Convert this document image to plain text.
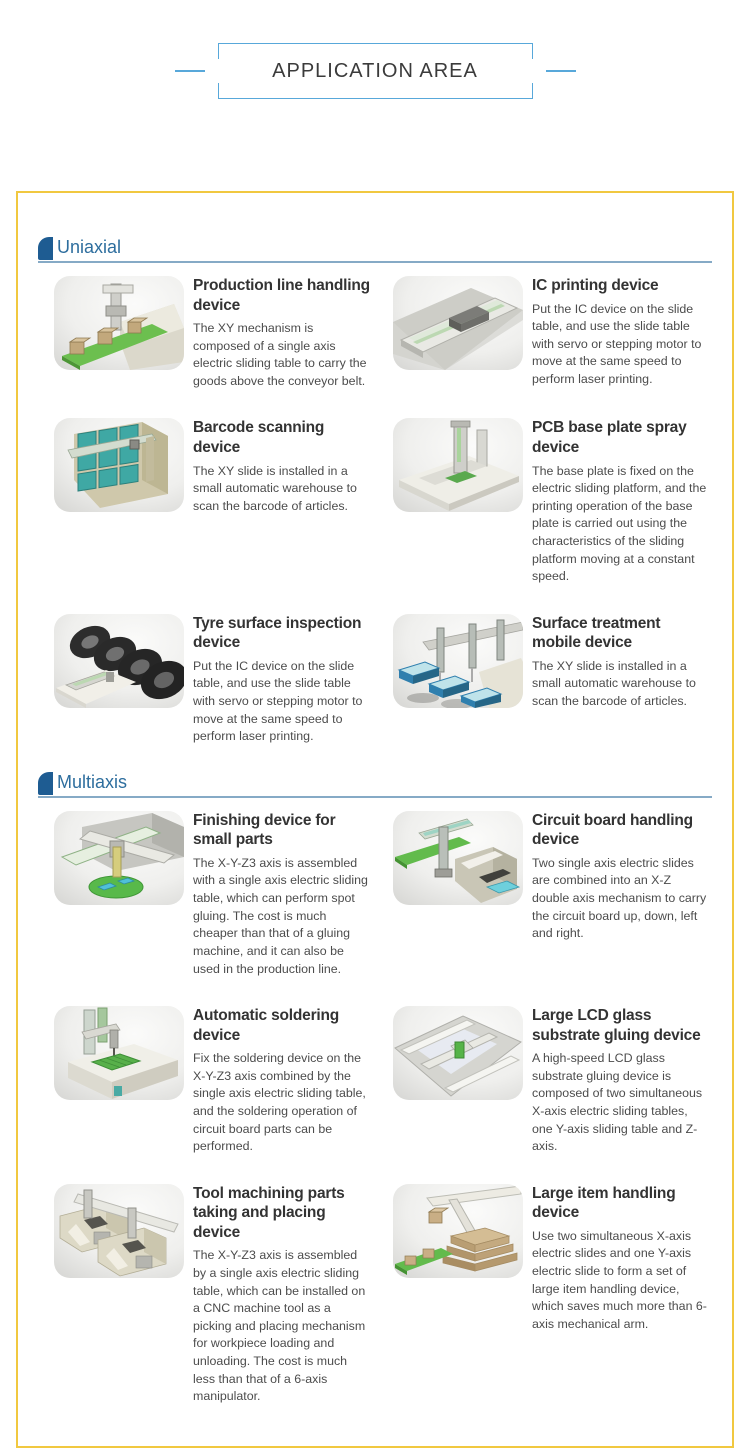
APPLICATION AREA
Uniaxial
Production line handling device
The XY mechanism is composed of a single axis electric sliding table to carry the goods above the conveyor belt.
IC printing device
Put the IC device on the slide table, and use the slide table with servo or stepping motor to move at the same speed to perform laser printing.
Barcode scanning device
The XY slide is installed in a small automatic warehouse to scan the barcode of articles.
PCB base plate spray device
The base plate is fixed on the electric sliding platform, and the printing operation of the base plate is carried out using the characteristics of the sliding platform moving at a constant speed.
Tyre surface inspection device
Put the IC device on the slide table, and use the slide table with servo or stepping motor to move at the same speed to perform laser printing.
Surface treatment mobile device
The XY slide is installed in a small automatic warehouse to scan the barcode of articles.
Multiaxis
Finishing device for small parts
The X-Y-Z3 axis is assembled with a single axis electric sliding table, which can perform spot gluing. The cost is much cheaper than that of a gluing machine, and it can also be used in the production line.
Circuit board handling device
Two single axis electric slides are combined into an X-Z double axis mechanism to carry the circuit board up, down, left and right.
Automatic soldering device
Fix the soldering device on the X-Y-Z3 axis combined by the single axis electric sliding table, and the soldering operation of circuit board parts can be performed.
Large LCD glass substrate gluing device
A high-speed LCD glass substrate gluing device is composed of two simultaneous X-axis electric sliding tables, one Y-axis sliding table and Z-axis.
Tool machining parts taking and placing device
The X-Y-Z3 axis is assembled by a single axis electric sliding table, which can be installed on a CNC machine tool as a picking and placing mechanism for workpiece loading and unloading. The cost is much less than that of a 6-axis manipulator.
Large item handling device
Use two simultaneous X-axis electric slides and one Y-axis electric slide to form a set of large item handling device, which saves much more than 6-axis mechanical arm.
